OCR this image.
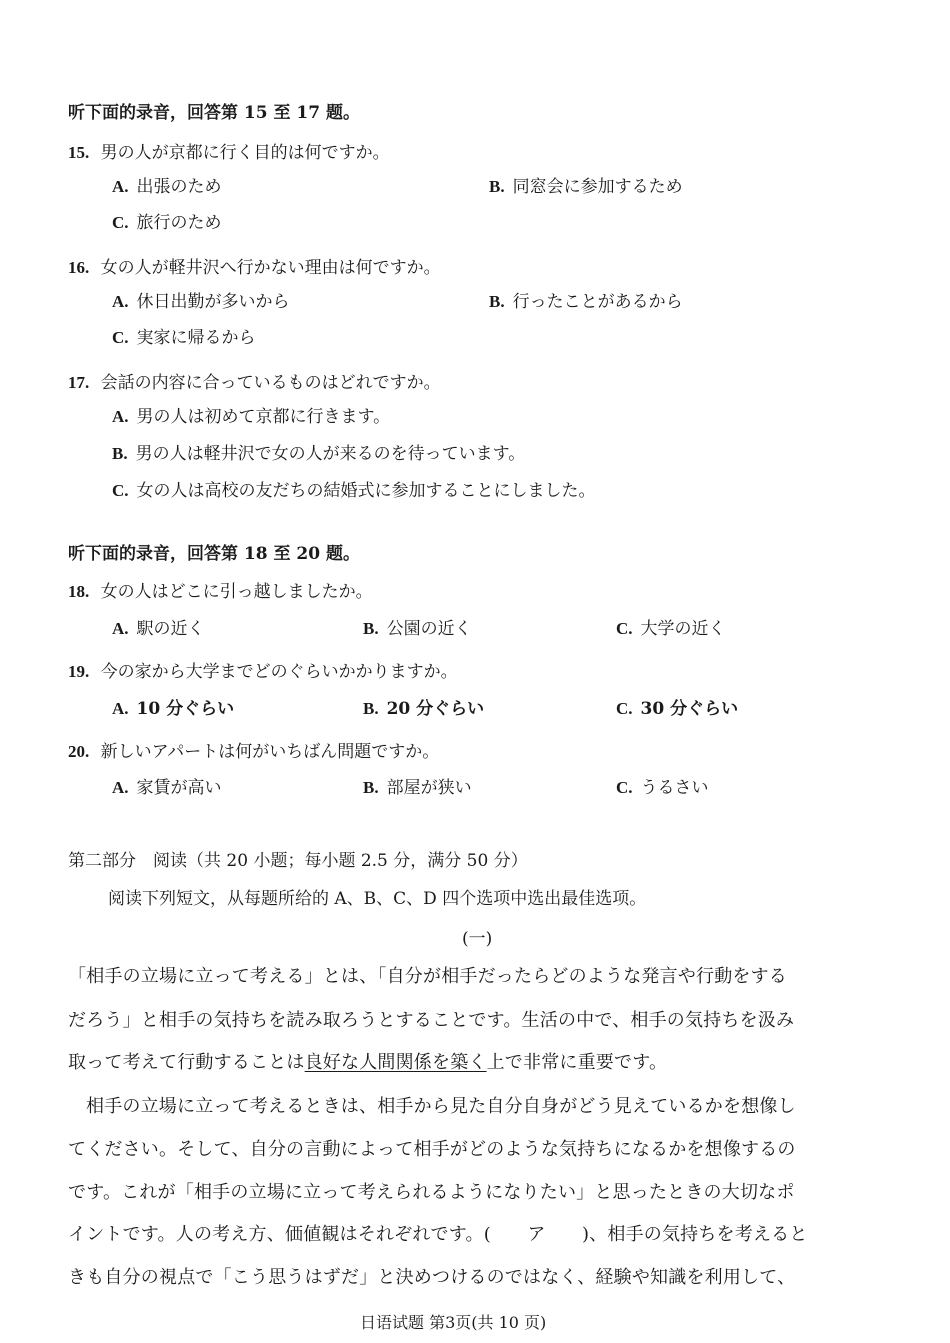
听下面的录音，回答第 15 至 17 题。
15. 男の人が京都に行く目的は何ですか。
A. 出張のため	B. 同窓会に参加するため
C. 旅行のため
16. 女の人が軽井沢へ行かない理由は何ですか。
A. 休日出勤が多いから	B. 行ったことがあるから
C. 実家に帰るから
17. 会話の内容に合っているものはどれですか。
A. 男の人は初めて京都に行きます。
B. 男の人は軽井沢で女の人が来るのを待っています。
C. 女の人は高校の友だちの結婚式に参加することにしました。
听下面的录音，回答第 18 至 20 题。
18. 女の人はどこに引っ越しましたか。
A. 駅の近く	B. 公園の近く	C. 大学の近く
19. 今の家から大学までどのぐらいかかりますか。
A. 10 分ぐらい	B. 20 分ぐらい	C. 30 分ぐらい
20. 新しいアパートは何がいちばん問題ですか。
A. 家賃が高い	B. 部屋が狭い	C. うるさい
第二部分　阅读（共 20 小题；每小题 2.5 分，满分 50 分）
阅读下列短文，从每题所给的 A、B、C、D 四个选项中选出最佳选项。
(一)
「相手の立場に立って考える」とは、「自分が相手だったらどのような発言や行動をする
だろう」と相手の気持ちを読み取ろうとすることです。生活の中で、相手の気持ちを汲み
取って考えて行動することは良好な人間関係を築く上で非常に重要です。
相手の立場に立って考えるときは、相手から見た自分自身がどう見えているかを想像し
てください。そして、自分の言動によって相手がどのような気持ちになるかを想像するの
です。これが「相手の立場に立って考えられるようになりたい」と思ったときの大切なポ
イントです。人の考え方、価値観はそれぞれです。(　　ア　　)、相手の気持ちを考えると
きも自分の視点で「こう思うはずだ」と決めつけるのではなく、経験や知識を利用して、
日语试题 第3页(共 10 页)
